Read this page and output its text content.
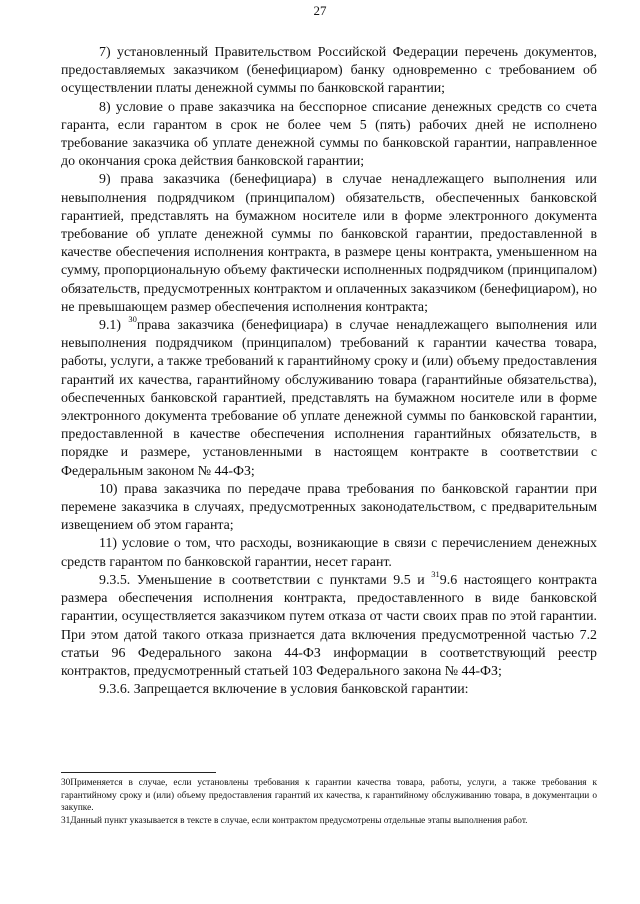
27

7) установленный Правительством Российской Федерации перечень документов, предоставляемых заказчиком (бенефициаром) банку одновременно с требованием об осуществлении платы денежной суммы по банковской гарантии;

8) условие о праве заказчика на бесспорное списание денежных средств со счета гаранта, если гарантом в срок не более чем 5 (пять) рабочих дней не исполнено требование заказчика об уплате денежной суммы по банковской гарантии, направленное до окончания срока действия банковской гарантии;

9) права заказчика (бенефициара) в случае ненадлежащего выполнения или невыполнения подрядчиком (принципалом) обязательств, обеспеченных банковской гарантией, представлять на бумажном носителе или в форме электронного документа требование об уплате денежной суммы по банковской гарантии, предоставленной в качестве обеспечения исполнения контракта, в размере цены контракта, уменьшенном на сумму, пропорциональную объему фактически исполненных подрядчиком (принципалом) обязательств, предусмотренных контрактом и оплаченных заказчиком (бенефициаром), но не превышающем размер обеспечения исполнения контракта;

9.1) $^{30}$права заказчика (бенефициара) в случае ненадлежащего выполнения или невыполнения подрядчиком (принципалом) требований к гарантии качества товара, работы, услуги, а также требований к гарантийному сроку и (или) объему предоставления гарантий их качества, гарантийному обслуживанию товара (гарантийные обязательства), обеспеченных банковской гарантией, представлять на бумажном носителе или в форме электронного документа требование об уплате денежной суммы по банковской гарантии, предоставленной в качестве обеспечения исполнения гарантийных обязательств, в порядке и размере, установленными в настоящем контракте в соответствии с Федеральным законом № 44-ФЗ;

10) права заказчика по передаче права требования по банковской гарантии при перемене заказчика в случаях, предусмотренных законодательством, с предварительным извещением об этом гаранта;

11) условие о том, что расходы, возникающие в связи с перечислением денежных средств гарантом по банковской гарантии, несет гарант.

9.3.5. Уменьшение в соответствии с пунктами 9.5 и $^{31}$9.6 настоящего контракта размера обеспечения исполнения контракта, предоставленного в виде банковской гарантии, осуществляется заказчиком путем отказа от части своих прав по этой гарантии. При этом датой такого отказа признается дата включения предусмотренной частью 7.2 статьи 96 Федерального закона 44-ФЗ информации в соответствующий реестр контрактов, предусмотренный статьей 103 Федерального закона № 44-ФЗ;

9.3.6. Запрещается включение в условия банковской гарантии:

30Применяется в случае, если установлены требования к гарантии качества товара, работы, услуги, а также требования к гарантийному сроку и (или) объему предоставления гарантий их качества, к гарантийному обслуживанию товара, в документации о закупке.

31Данный пункт указывается в тексте в случае, если контрактом предусмотрены отдельные этапы выполнения работ.
